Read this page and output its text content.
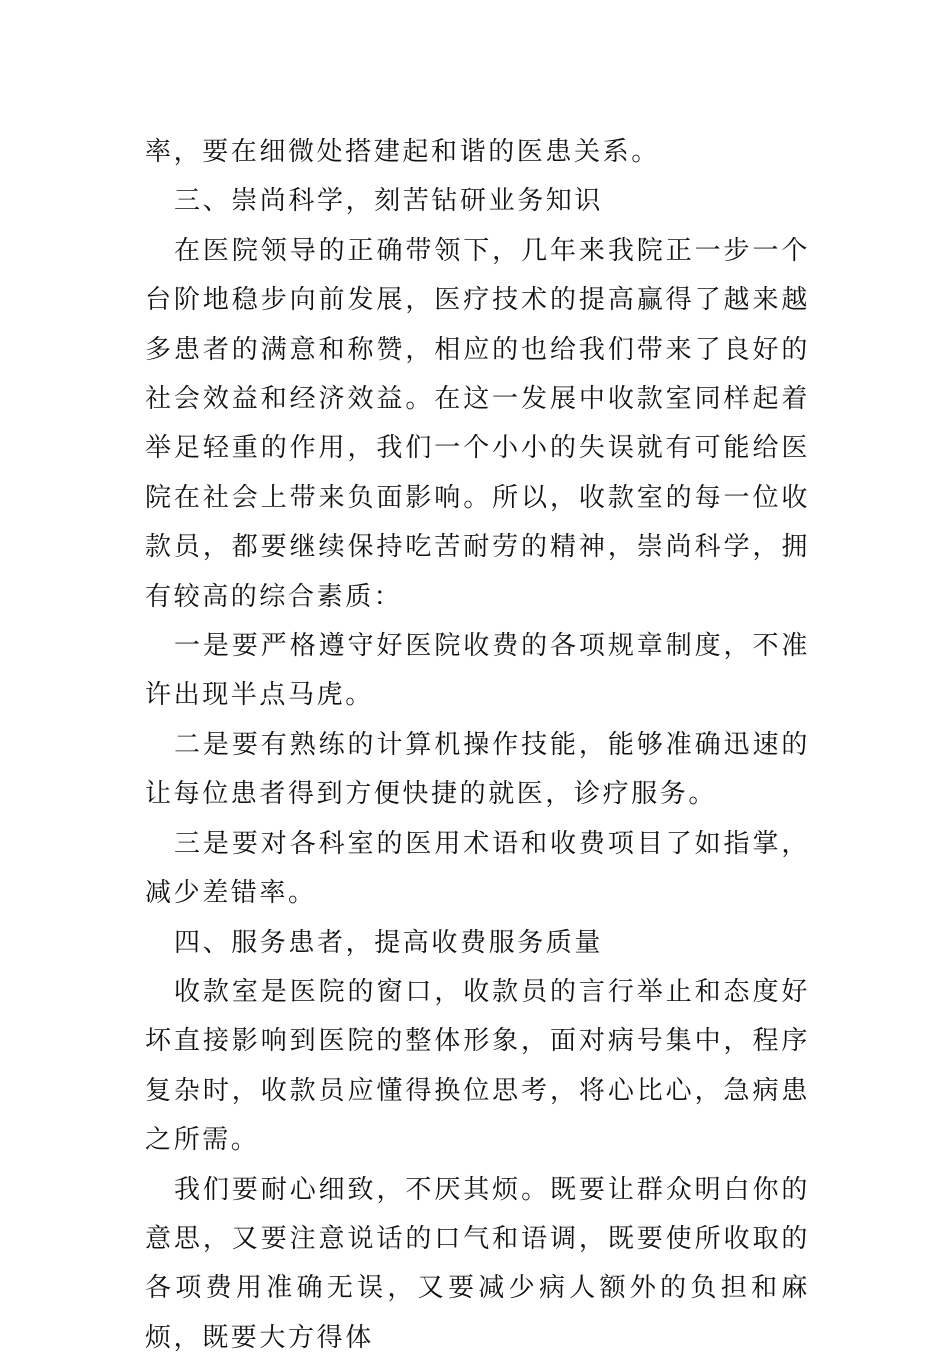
率，要在细微处搭建起和谐的医患关系。

三、崇尚科学，刻苦钻研业务知识

在医院领导的正确带领下，几年来我院正一步一个台阶地稳步向前发展，医疗技术的提高赢得了越来越多患者的满意和称赞，相应的也给我们带来了良好的社会效益和经济效益。在这一发展中收款室同样起着举足轻重的作用，我们一个小小的失误就有可能给医院在社会上带来负面影响。所以，收款室的每一位收款员，都要继续保持吃苦耐劳的精神，崇尚科学，拥有较高的综合素质：

一是要严格遵守好医院收费的各项规章制度，不准许出现半点马虎。

二是要有熟练的计算机操作技能，能够准确迅速的让每位患者得到方便快捷的就医，诊疗服务。

三是要对各科室的医用术语和收费项目了如指掌，减少差错率。

四、服务患者，提高收费服务质量

收款室是医院的窗口，收款员的言行举止和态度好坏直接影响到医院的整体形象，面对病号集中，程序复杂时，收款员应懂得换位思考，将心比心，急病患之所需。

我们要耐心细致，不厌其烦。既要让群众明白你的意思，又要注意说话的口气和语调，既要使所收取的各项费用准确无误，又要减少病人额外的负担和麻烦，既要大方得体
